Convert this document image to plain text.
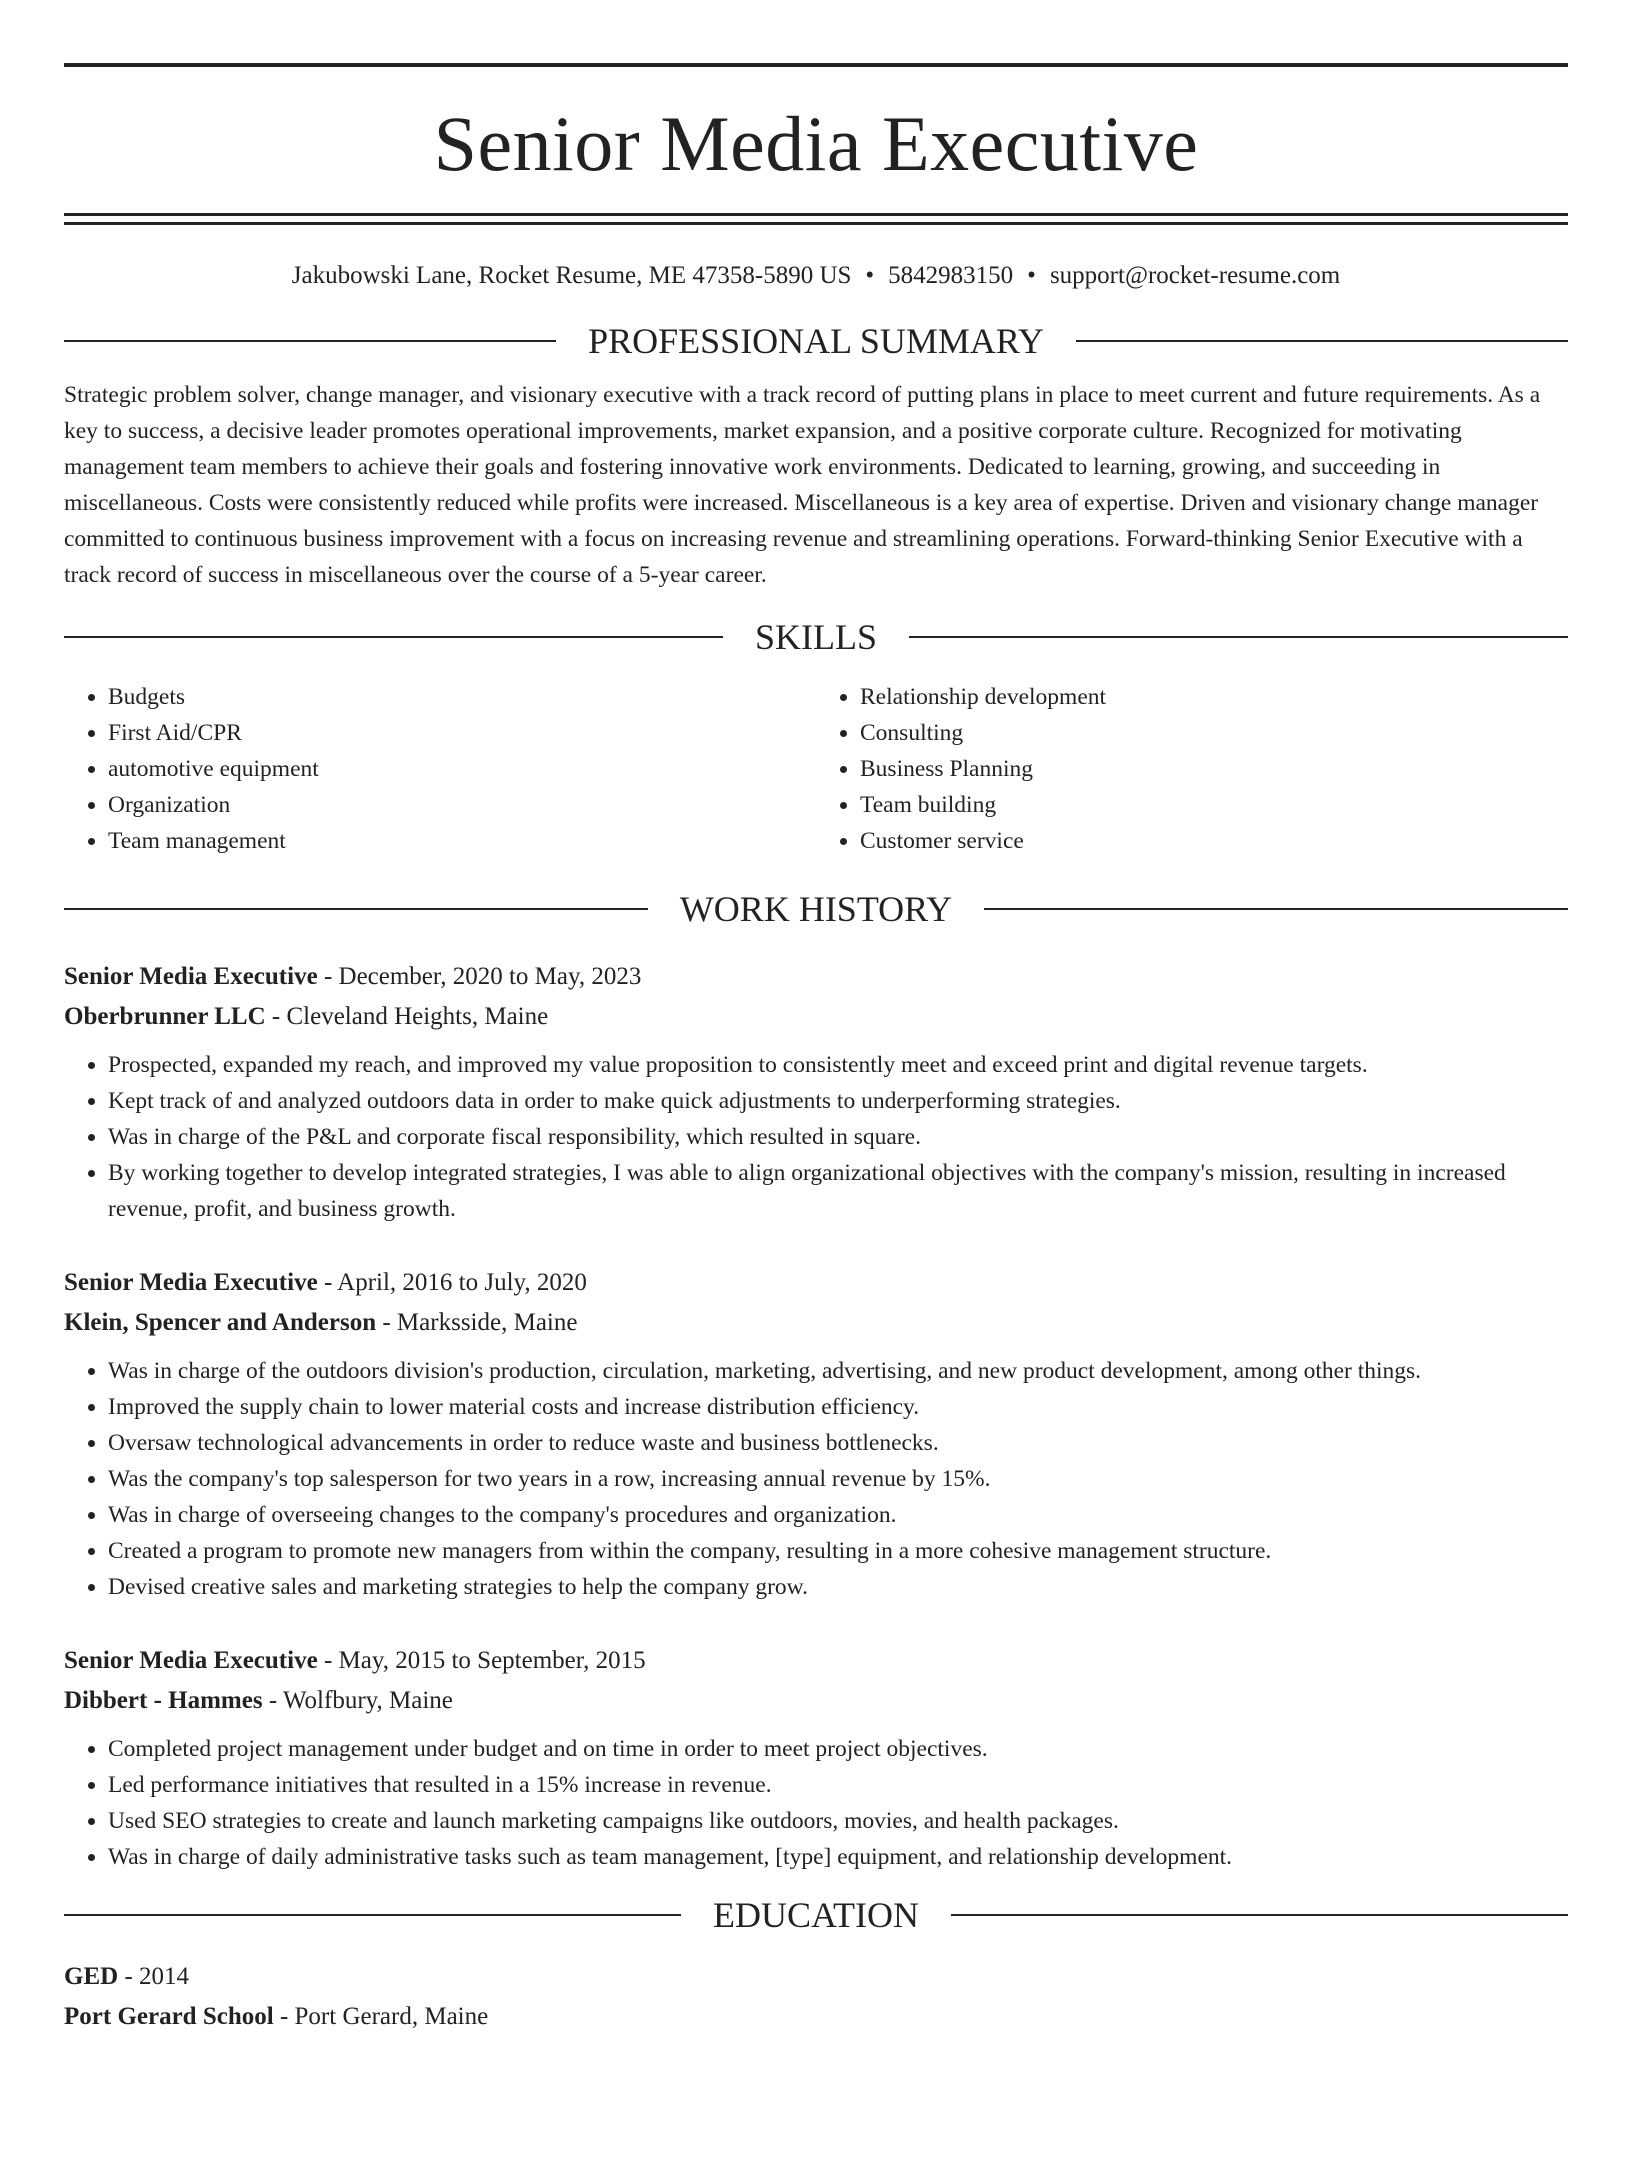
Senior Media Executive
Jakubowski Lane, Rocket Resume, ME 47358-5890 US • 5842983150 • support@rocket-resume.com
PROFESSIONAL SUMMARY

Strategic problem solver, change manager, and visionary executive with a track record of putting plans in place to meet current and future requirements. As a key to success, a decisive leader promotes operational improvements, market expansion, and a positive corporate culture. Recognized for motivating management team members to achieve their goals and fostering innovative work environments. Dedicated to learning, growing, and succeeding in miscellaneous. Costs were consistently reduced while profits were increased. Miscellaneous is a key area of expertise. Driven and visionary change manager committed to continuous business improvement with a focus on increasing revenue and streamlining operations. Forward-thinking Senior Executive with a track record of success in miscellaneous over the course of a 5-year career.

SKILLS
• Budgets
• First Aid/CPR
• automotive equipment
• Organization
• Team management
• Relationship development
• Consulting
• Business Planning
• Team building
• Customer service
WORK HISTORY
Senior Media Executive - December, 2020 to May, 2023
Oberbrunner LLC - Cleveland Heights, Maine
• Prospected, expanded my reach, and improved my value proposition to consistently meet and exceed print and digital revenue targets.
• Kept track of and analyzed outdoors data in order to make quick adjustments to underperforming strategies.
• Was in charge of the P&L and corporate fiscal responsibility, which resulted in square.
• By working together to develop integrated strategies, I was able to align organizational objectives with the company's mission, resulting in increased revenue, profit, and business growth.
Senior Media Executive - April, 2016 to July, 2020
Klein, Spencer and Anderson - Marksside, Maine
• Was in charge of the outdoors division's production, circulation, marketing, advertising, and new product development, among other things.
• Improved the supply chain to lower material costs and increase distribution efficiency.
• Oversaw technological advancements in order to reduce waste and business bottlenecks.
• Was the company's top salesperson for two years in a row, increasing annual revenue by 15%.
• Was in charge of overseeing changes to the company's procedures and organization.
• Created a program to promote new managers from within the company, resulting in a more cohesive management structure.
• Devised creative sales and marketing strategies to help the company grow.
Senior Media Executive - May, 2015 to September, 2015
Dibbert - Hammes - Wolfbury, Maine
• Completed project management under budget and on time in order to meet project objectives.
• Led performance initiatives that resulted in a 15% increase in revenue.
• Used SEO strategies to create and launch marketing campaigns like outdoors, movies, and health packages.
• Was in charge of daily administrative tasks such as team management, [type] equipment, and relationship development.
EDUCATION
GED - 2014
Port Gerard School - Port Gerard, Maine
